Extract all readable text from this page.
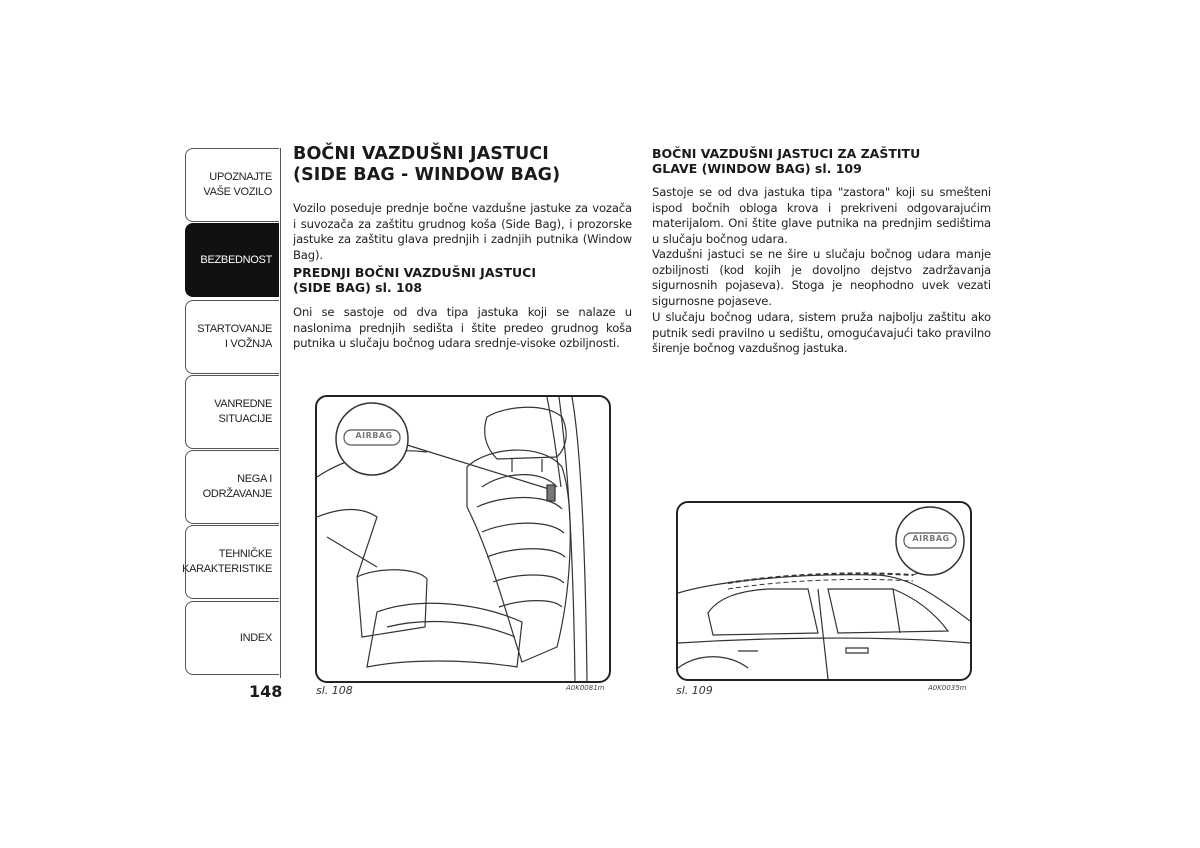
UPOZNAJTE
VAŠE VOZILO
BEZBEDNOST
STARTOVANJE
I VOŽNJA
VANREDNE
SITUACIJE
NEGA I
ODRŽAVANJE
TEHNIČKE
KARAKTERISTIKE
INDEX
148
BOČNI VAZDUŠNI JASTUCI
(SIDE BAG - WINDOW BAG)

Vozilo poseduje prednje bočne vazdušne jastuke za vozača i suvozača za zaštitu grudnog koša (Side Bag), i prozorske jastuke za zaštitu glava prednjih i zadnjih putnika (Window Bag).

PREDNJI BOČNI VAZDUŠNI JASTUCI
(SIDE BAG) sl. 108

Oni se sastoje od dva tipa jastuka koji se nalaze u naslonima prednjih sedišta i štite predeo grudnog koša putnika u slučaju bočnog udara srednje-visoke ozbiljnosti.

BOČNI VAZDUŠNI JASTUCI ZA ZAŠTITU
GLAVE (WINDOW BAG) sl. 109

Sastoje se od dva jastuka tipa "zastora" koji su smešteni ispod bočnih obloga krova i prekriveni odgovarajućim materijalom. Oni štite glave putnika na prednjim sedištima u slučaju bočnog udara.

Vazdušni jastuci se ne šire u slučaju bočnog udara manje ozbiljnosti (kod kojih je dovoljno dejstvo zadržavanja sigurnosnih pojaseva). Stoga je neophodno uvek vezati sigurnosne pojaseve.

U slučaju bočnog udara, sistem pruža najbolju zaštitu ako putnik sedi pravilno u sedištu, omogućavajući tako pravilno širenje bočnog vazdušnog jastuka.

AIRBAG
sl. 108	A0K0081m
AIRBAG
sl. 109	A0K0035m
